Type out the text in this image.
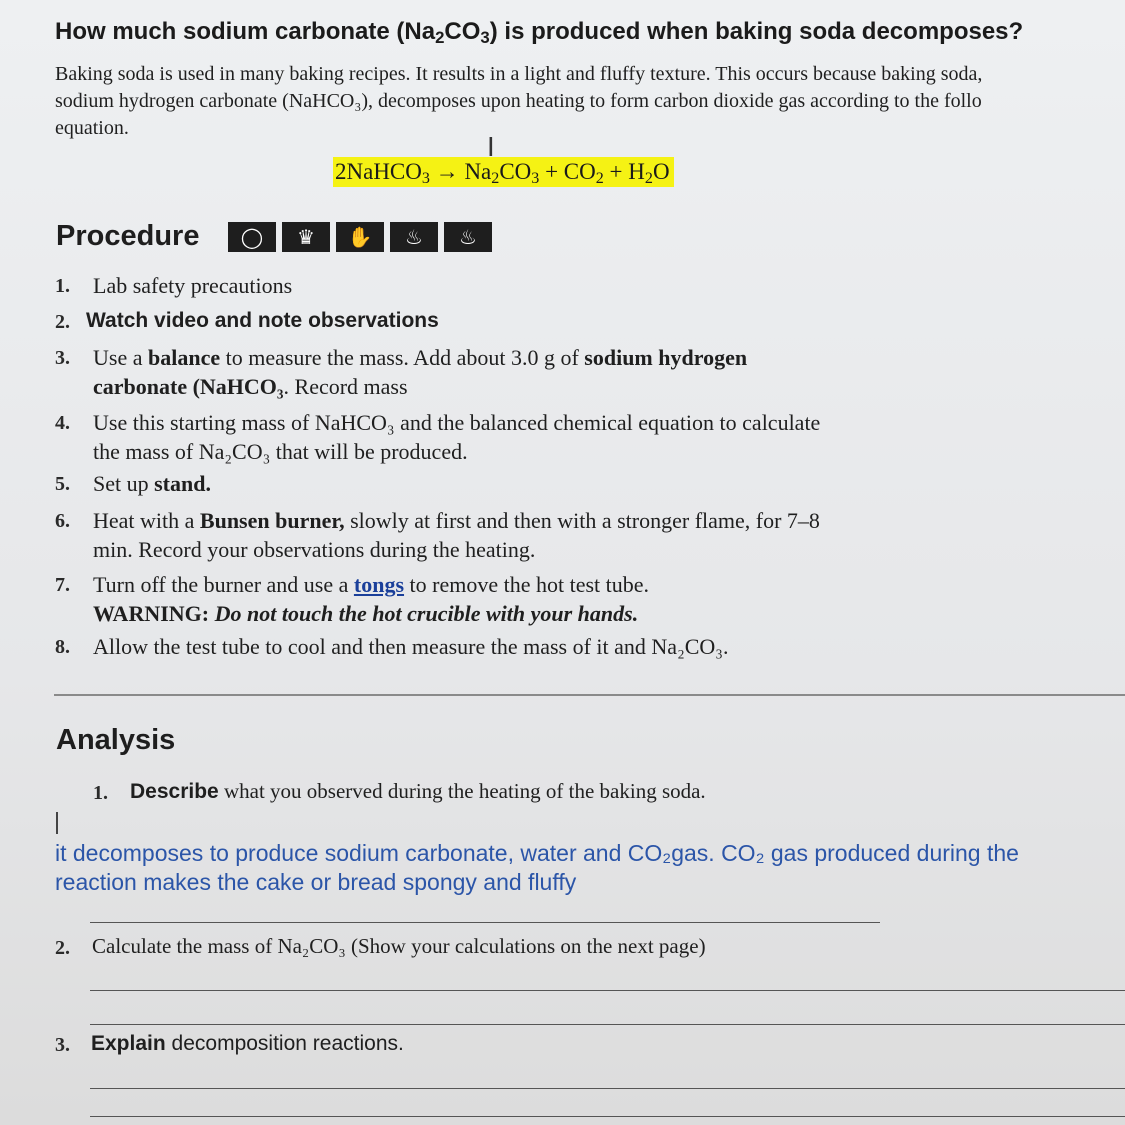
How much sodium carbonate $(Na_2CO_3)$ is produced when baking soda decomposes?
Baking soda is used in many baking recipes. It results in a light and fluffy texture. This occurs because baking soda,
sodium hydrogen carbonate (NaHCO₃), decomposes upon heating to form carbon dioxide gas according to the follo
equation.
2NaHCO$_3$ → $Na_2CO_3 + CO_2 + H_2O$
I
Procedure	◯	♛	✋	♨	♨
1. Lab safety precautions
2. Watch video and note observations
3. Use a balance to measure the mass. Add about 3.0 g of sodium hydrogen
carbonate (NaHCO₃. Record mass
4. Use this starting mass of NaHCO₃ and the balanced chemical equation to calculate
the mass of Na₂CO₃ that will be produced.
5. Set up stand.
6. Heat with a Bunsen burner, slowly at first and then with a stronger flame, for 7–8
min. Record your observations during the heating.
7. Turn off the burner and use a tongs to remove the hot test tube.
WARNING: Do not touch the hot crucible with your hands.
8. Allow the test tube to cool and then measure the mass of it and Na₂CO₃.
Analysis
1. Describe what you observed during the heating of the baking soda.
it decomposes to produce sodium carbonate, water and CO₂gas. CO₂ gas produced during the
reaction makes the cake or bread spongy and fluffy
2. Calculate the mass of Na₂CO₃ (Show your calculations on the next page)
3. Explain decomposition reactions.
